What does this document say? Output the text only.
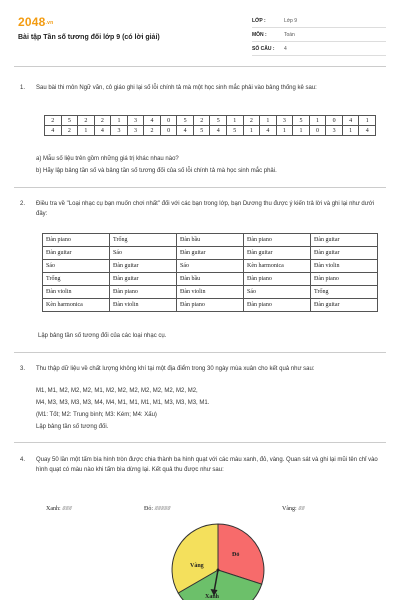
2048.vn
Bài tập Tần số tương đối lớp 9 (có lời giải)
LỚP :	Lớp 9
MÔN :	Toán
SỐ CÂU : 4
1. Sau bài thi môn Ngữ văn, cô giáo ghi lại số lỗi chính tả mà một học sinh mắc phải vào bảng thống kê sau:
2	5	2	2	1	3	4	0	5	2	5	1	2	1	3	5	1	0	4	1
4	2	1	4	3	3	2	0	4	5	4	5	1	4	1	1	0	3	1	4
a) Mẫu số liệu trên gồm những giá trị khác nhau nào?
b) Hãy lập bảng tần số và bảng tần số tương đối của số lỗi chính tả mà học sinh mắc phải.
2. Điều tra về "Loại nhạc cụ bạn muốn chơi nhất" đối với các bạn trong lớp, bạn Dương thu được ý kiến trả lời và ghi lại như dưới đây:
Đàn piano	Trống	Đàn bầu	Đàn piano	Đàn guitar
Đàn guitar	Sáo	Đàn guitar	Đàn guitar	Đàn guitar
Sáo	Đàn guitar	Sáo	Kèn harmonica	Đàn violin
Trống	Đàn guitar	Đàn bầu	Đàn piano	Đàn piano
Đàn violin	Đàn piano	Đàn violin	Sáo	Trống
Kèn harmonica	Đàn violin	Đàn piano	Đàn piano	Đàn guitar
Lập bảng tần số tương đối của các loại nhạc cụ.
3. Thu thập dữ liệu về chất lượng không khí tại một địa điểm trong 30 ngày mùa xuân cho kết quả như sau:
M1, M1, M2, M2, M2, M1, M2, M2, M2, M2, M2, M2, M2, M2,
M4, M3, M3, M3, M3, M4, M4, M1, M1, M1, M1, M3, M3, M3, M1.
(M1: Tốt; M2: Trung bình; M3: Kém; M4: Xấu)
Lập bảng tần số tương đối.
4. Quay 50 lần một tấm bìa hình tròn được chia thành ba hình quạt với các màu xanh, đỏ, vàng. Quan sát và ghi lại mũi tên chỉ vào hình quạt có màu nào khi tấm bìa dừng lại. Kết quả thu được như sau:
Xanh: //// //// ////	Đỏ: //// //// //// //// ////	Vàng: //// ////
Đỏ
Vàng
Xanh
